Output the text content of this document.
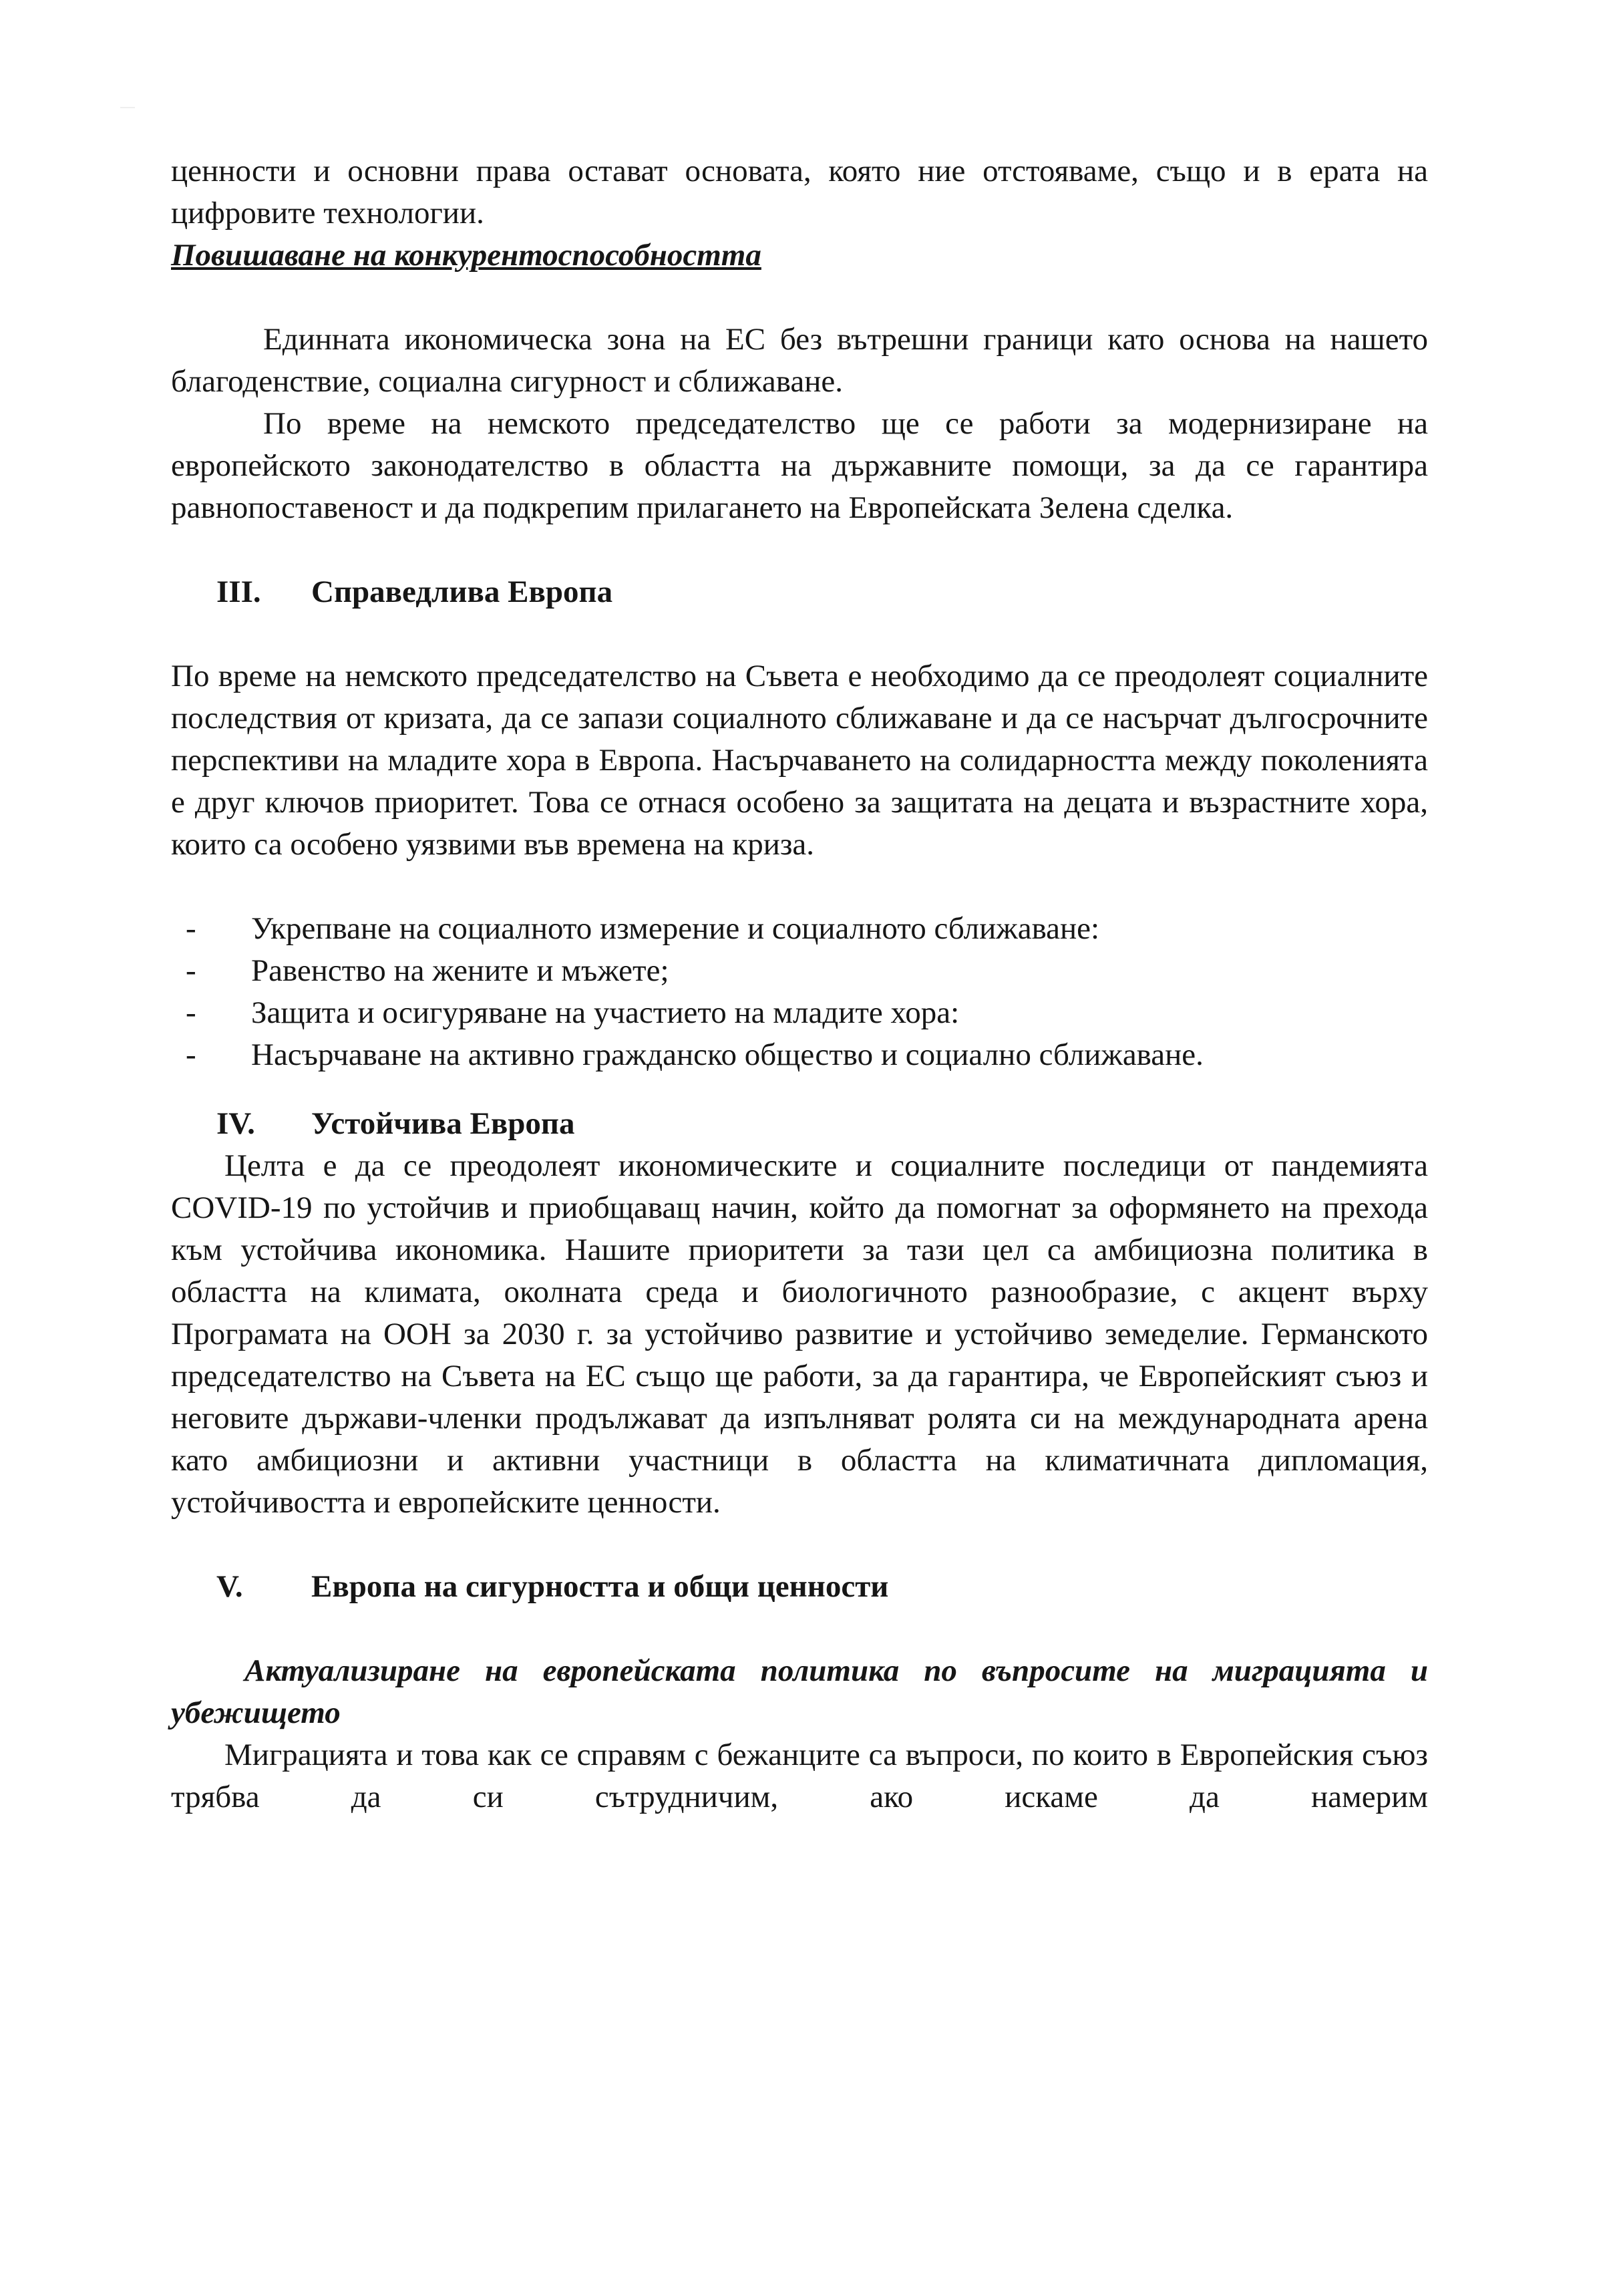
ценности и основни права остават основата, която ние отстояваме, също и в ерата на цифровите технологии.

Повишаване на конкурентоспособността

Единната икономическа зона на ЕС без вътрешни граници като основа на нашето благоденствие, социална сигурност и сближаване.

По време на немското председателство ще се работи за модернизиране на европейското законодателство в областта на държавните помощи, за да се гарантира равнопоставеност и да подкрепим прилагането на Европейската Зелена сделка.

III.	Справедлива Европа

По време на немското председателство на Съвета е необходимо да се преодолеят социалните последствия от кризата, да се запази социалното сближаване и да се насърчат дългосрочните перспективи на младите хора в Европа. Насърчаването на солидарността между поколенията е друг ключов приоритет. Това се отнася особено за защитата на децата и възрастните хора, които са особено уязвими във времена на криза.

-	Укрепване на социалното измерение и социалното сближаване:
-	Равенство на жените и мъжете;
-	Защита и осигуряване на участието на младите хора:
-	Насърчаване на активно гражданско общество и социално сближаване.
IV.	Устойчива Европа

Целта е да се преодолеят икономическите и социалните последици от пандемията COVID-19 по устойчив и приобщаващ начин, който да помогнат за оформянето на прехода към устойчива икономика. Нашите приоритети за тази цел са амбициозна политика в областта на климата, околната среда и биологичното разнообразие, с акцент върху Програмата на ООН за 2030 г. за устойчиво развитие и устойчиво земеделие. Германското председателство на Съвета на ЕС също ще работи, за да гарантира, че Европейският съюз и неговите държави-членки продължават да изпълняват ролята си на международната арена като амбициозни и активни участници в областта на климатичната дипломация, устойчивостта и европейските ценности.

V.	Европа на сигурността и общи ценности

Актуализиране на европейската политика по въпросите на миграцията и убежището

Миграцията и това как се справям с бежанците са въпроси, по които в Европейския съюз трябва да си сътрудничим, ако искаме да намерим
